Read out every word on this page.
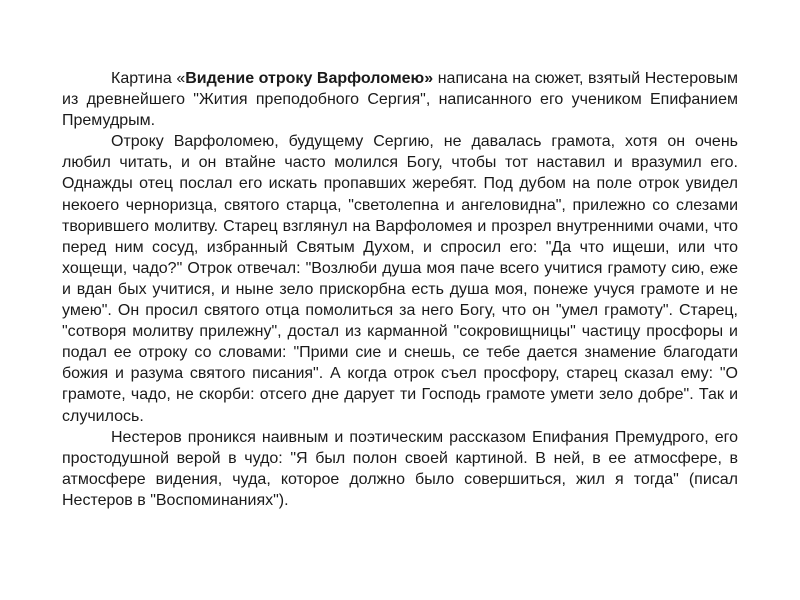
Картина «Видение отроку Варфоломею» написана на сюжет, взятый Нестеровым из древнейшего "Жития преподобного Сергия", написанного его учеником Епифанием Премудрым.

Отроку Варфоломею, будущему Сергию, не давалась грамота, хотя он очень любил читать, и он втайне часто молился Богу, чтобы тот наставил и вразумил его. Однажды отец послал его искать пропавших жеребят. Под дубом на поле отрок увидел некоего черноризца, святого старца, "светолепна и ангеловидна", прилежно со слезами творившего молитву. Старец взглянул на Варфоломея и прозрел внутренними очами, что перед ним сосуд, избранный Святым Духом, и спросил его: "Да что ищеши, или что хощещи, чадо?" Отрок отвечал: "Возлюби душа моя паче всего учитися грамоту сию, еже и вдан бых учитися, и ныне зело прискорбна есть душа моя, понеже учуся грамоте и не умею". Он просил святого отца помолиться за него Богу, что он "умел грамоту". Старец, "сотворя молитву прилежну", достал из карманной "сокровищницы" частицу просфоры и подал ее отроку со словами: "Прими сие и снешь, се тебе дается знамение благодати божия и разума святого писания". А когда отрок съел просфору, старец сказал ему: "О грамоте, чадо, не скорби: отсего дне дарует ти Господь грамоте умети зело добре". Так и случилось.

Нестеров проникся наивным и поэтическим рассказом Епифания Премудрого, его простодушной верой в чудо: "Я был полон своей картиной. В ней, в ее атмосфере, в атмосфере видения, чуда, которое должно было совершиться, жил я тогда" (писал Нестеров в "Воспоминаниях").
